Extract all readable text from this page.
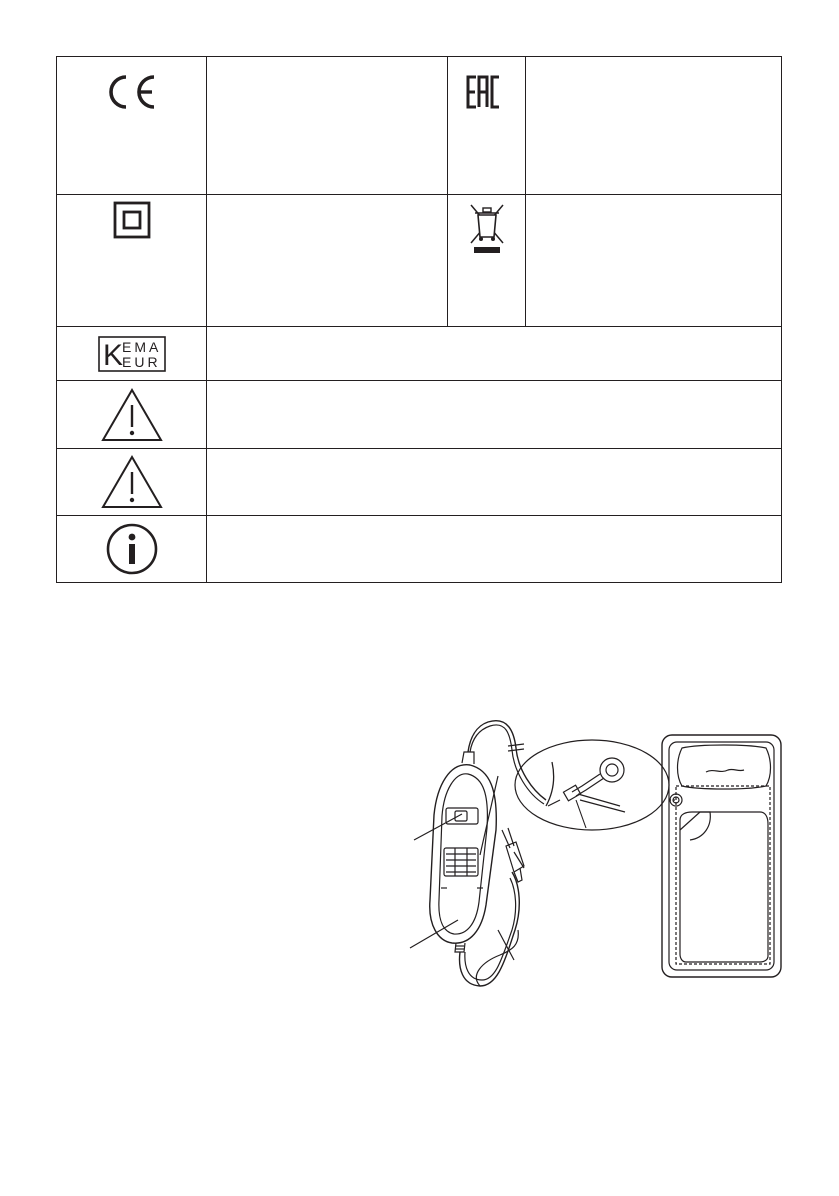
K
EMA
EUR
